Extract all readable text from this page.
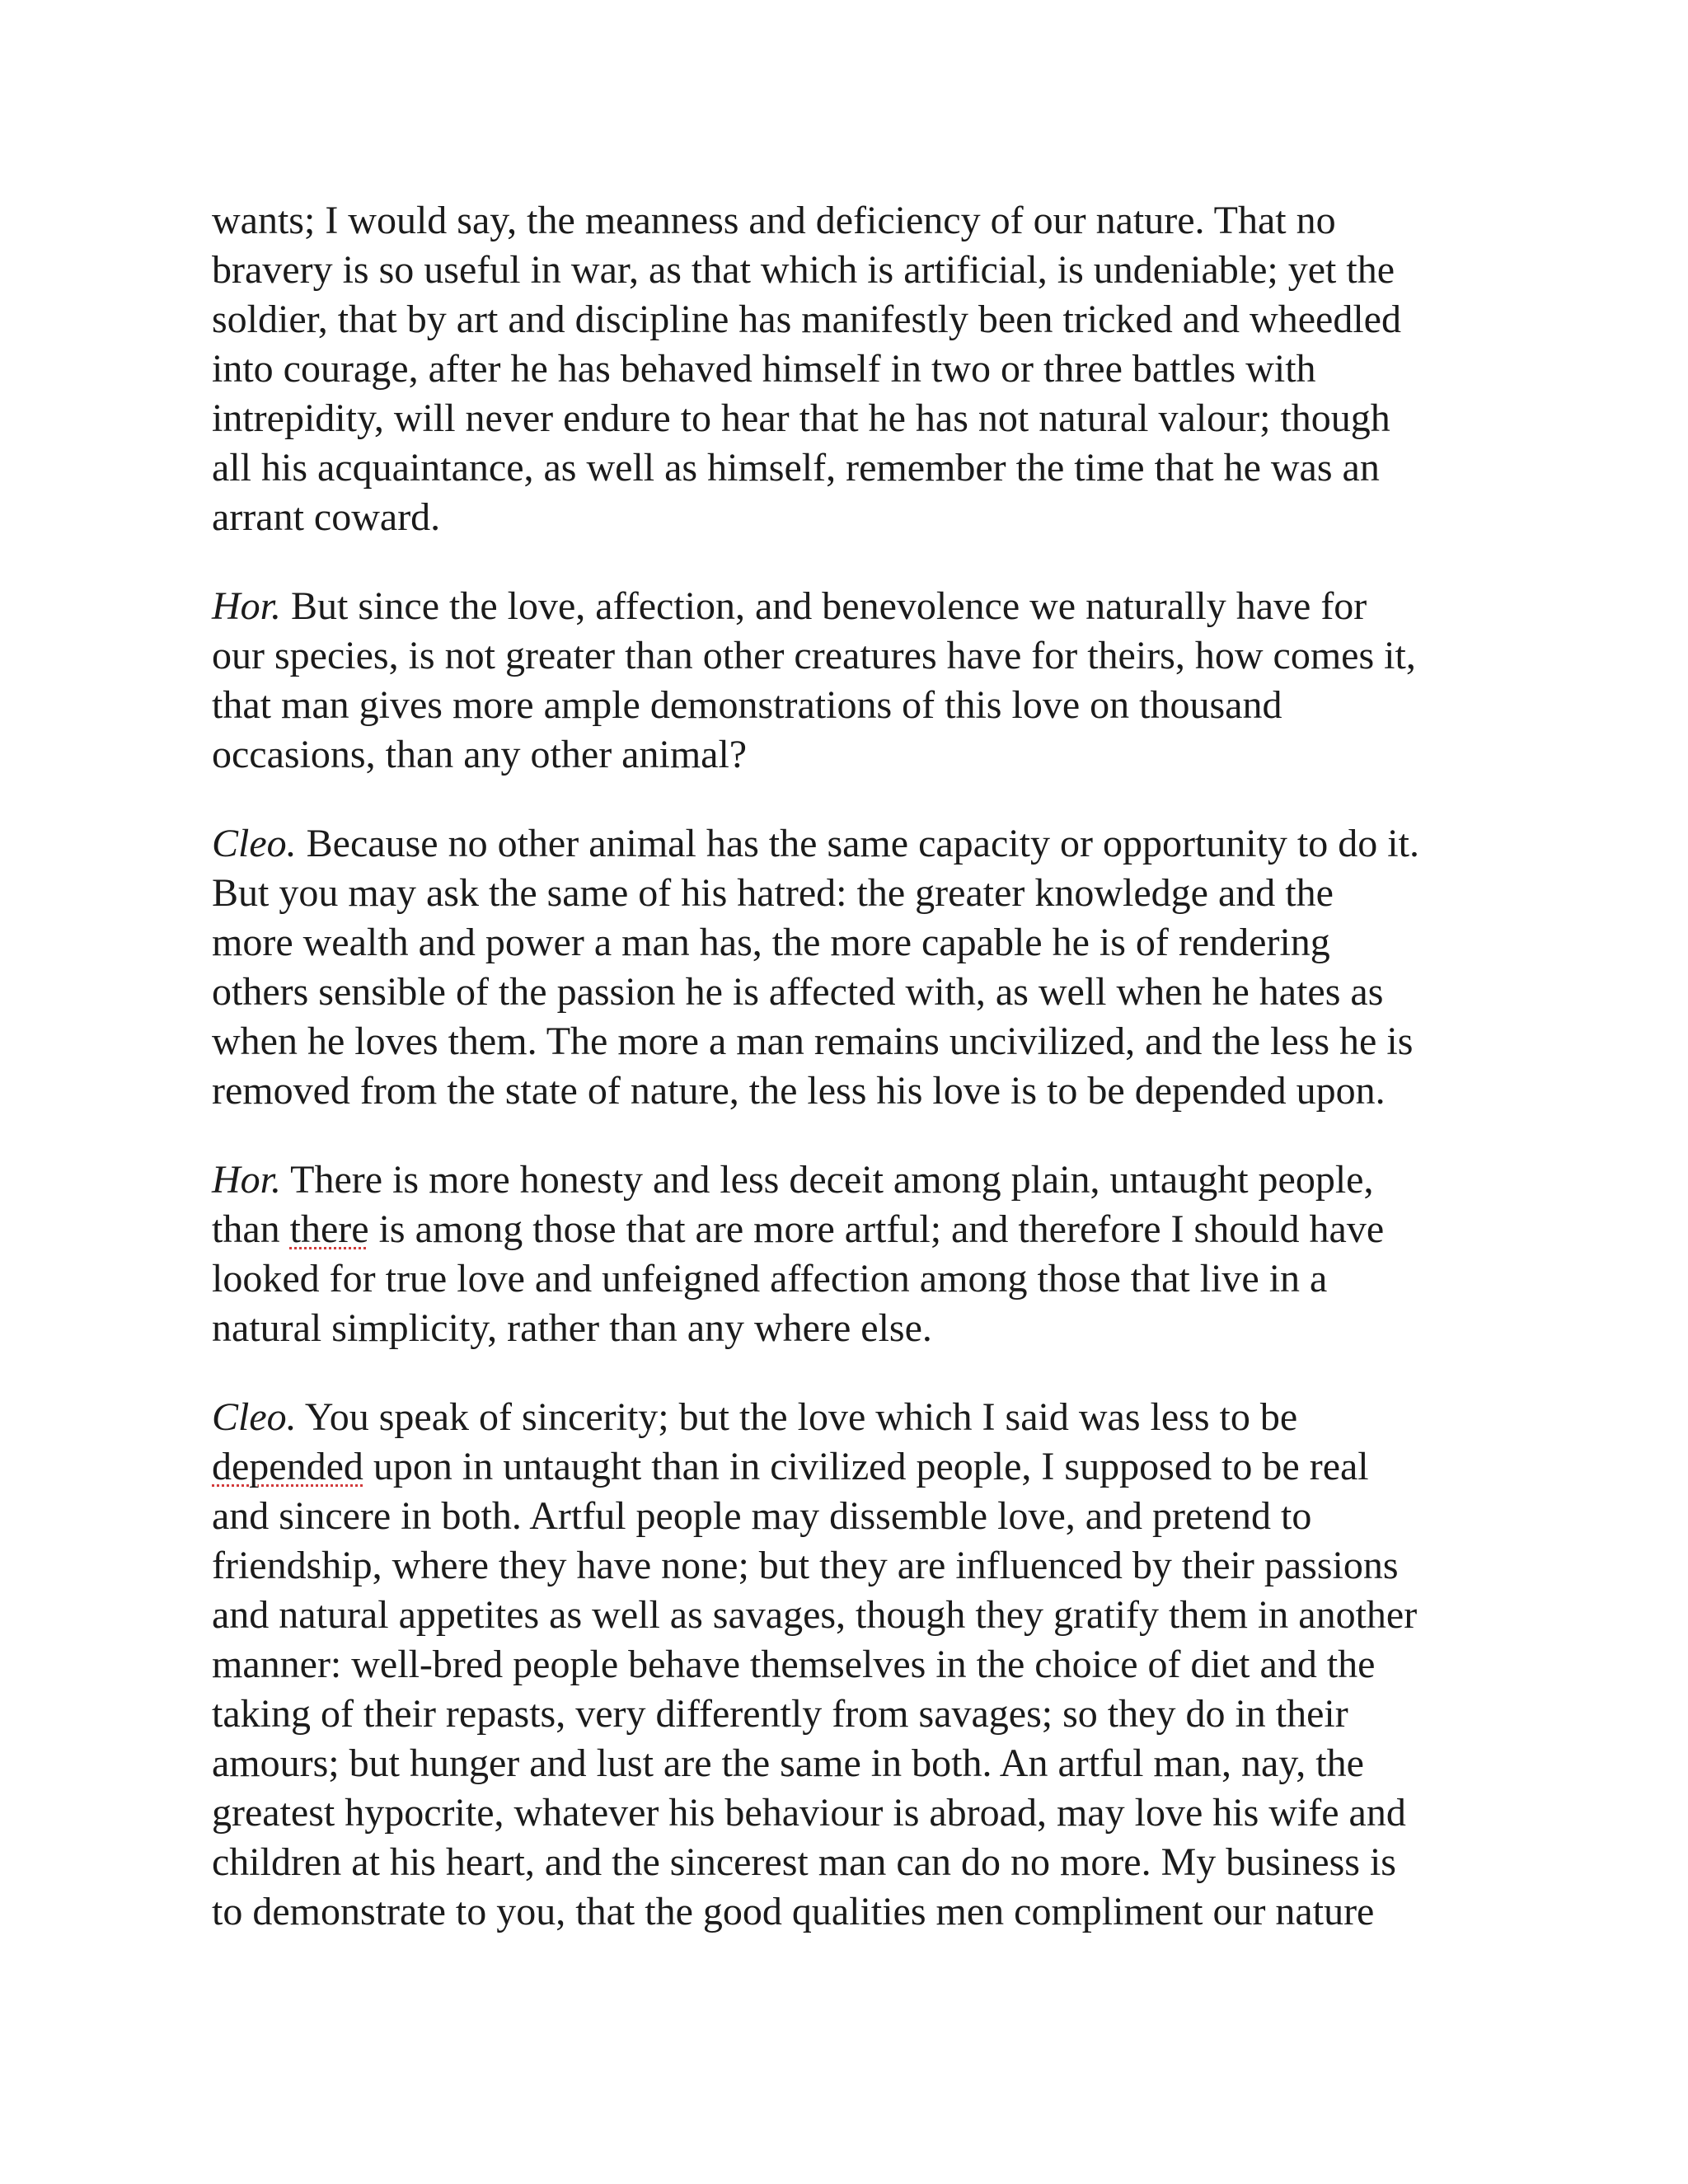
wants; I would say, the meanness and deficiency of our nature. That no
bravery is so useful in war, as that which is artificial, is undeniable; yet the
soldier, that by art and discipline has manifestly been tricked and wheedled
into courage, after he has behaved himself in two or three battles with
intrepidity, will never endure to hear that he has not natural valour; though
all his acquaintance, as well as himself, remember the time that he was an
arrant coward.

Hor. But since the love, affection, and benevolence we naturally have for
our species, is not greater than other creatures have for theirs, how comes it,
that man gives more ample demonstrations of this love on thousand
occasions, than any other animal?

Cleo. Because no other animal has the same capacity or opportunity to do it.
But you may ask the same of his hatred: the greater knowledge and the
more wealth and power a man has, the more capable he is of rendering
others sensible of the passion he is affected with, as well when he hates as
when he loves them. The more a man remains uncivilized, and the less he is
removed from the state of nature, the less his love is to be depended upon.

Hor. There is more honesty and less deceit among plain, untaught people,
than there is among those that are more artful; and therefore I should have
looked for true love and unfeigned affection among those that live in a
natural simplicity, rather than any where else.

Cleo. You speak of sincerity; but the love which I said was less to be
depended upon in untaught than in civilized people, I supposed to be real
and sincere in both. Artful people may dissemble love, and pretend to
friendship, where they have none; but they are influenced by their passions
and natural appetites as well as savages, though they gratify them in another
manner: well-bred people behave themselves in the choice of diet and the
taking of their repasts, very differently from savages; so they do in their
amours; but hunger and lust are the same in both. An artful man, nay, the
greatest hypocrite, whatever his behaviour is abroad, may love his wife and
children at his heart, and the sincerest man can do no more. My business is
to demonstrate to you, that the good qualities men compliment our nature
